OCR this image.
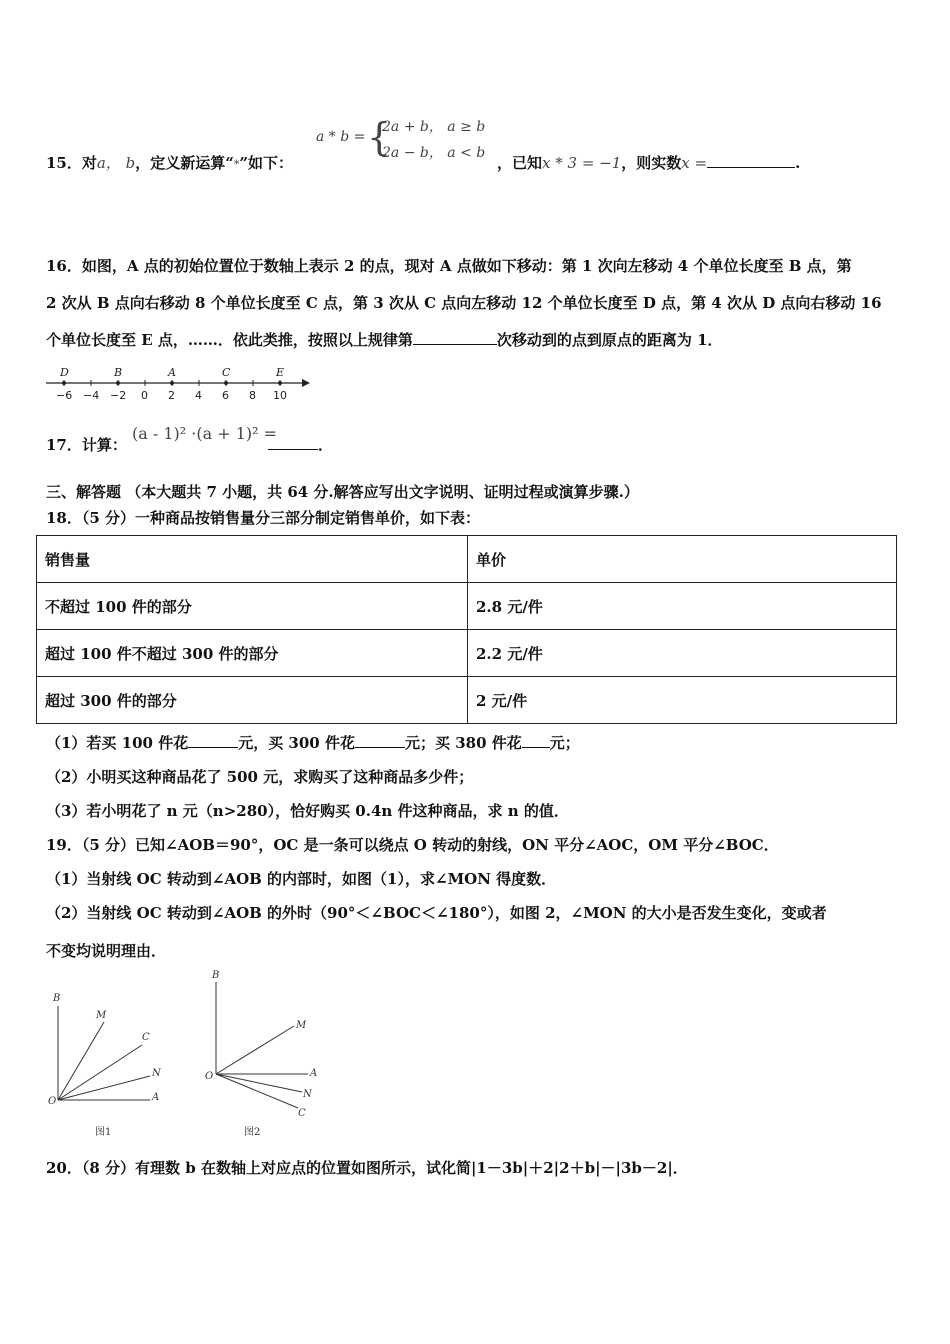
15．对a， b，定义新运算“*”如下：
a * b = {
2a + b， a ≥ b
2a − b， a < b
，已知x * 3 = −1，则实数x =	.
16．如图，A 点的初始位置位于数轴上表示 2 的点，现对 A 点做如下移动：第 1 次向左移动 4 个单位长度至 B 点，第
2 次从 B 点向右移动 8 个单位长度至 C 点，第 3 次从 C 点向左移动 12 个单位长度至 D 点，第 4 次从 D 点向右移动 16
个单位长度至 E 点，……．依此类推，按照以上规律第	次移动到的点到原点的距离为 1．
D	B	A	C	E
−6 −4 −2 0 2 4 6 8 10
17．计算：
(a - 1)² ·(a + 1)² =
．
三、解答题 （本大题共 7 小题，共 64 分.解答应写出文字说明、证明过程或演算步骤.）
18．（5 分）一种商品按销售量分三部分制定销售单价，如下表：
销售量	单价
不超过 100 件的部分	2.8 元/件
超过 100 件不超过 300 件的部分	2.2 元/件
超过 300 件的部分	2 元/件
（1）若买 100 件花	元，买 300 件花	元；买 380 件花 元；
（2）小明买这种商品花了 500 元，求购买了这种商品多少件；
（3）若小明花了 n 元（n>280），恰好购买 0.4n 件这种商品，求 n 的值．
19．（5 分）已知∠AOB＝90°，OC 是一条可以绕点 O 转动的射线，ON 平分∠AOC，OM 平分∠BOC．
（1）当射线 OC 转动到∠AOB 的内部时，如图（1），求∠MON 得度数．
（2）当射线 OC 转动到∠AOB 的外时（90°＜∠BOC＜∠180°），如图 2，∠MON 的大小是否发生变化，变或者
不变均说明理由．
B
M
C
N
O	A
图1
B
M
O	A
N
C
图2
20．（8 分）有理数 b 在数轴上对应点的位置如图所示，试化简|1－3b|＋2|2＋b|－|3b－2|．
